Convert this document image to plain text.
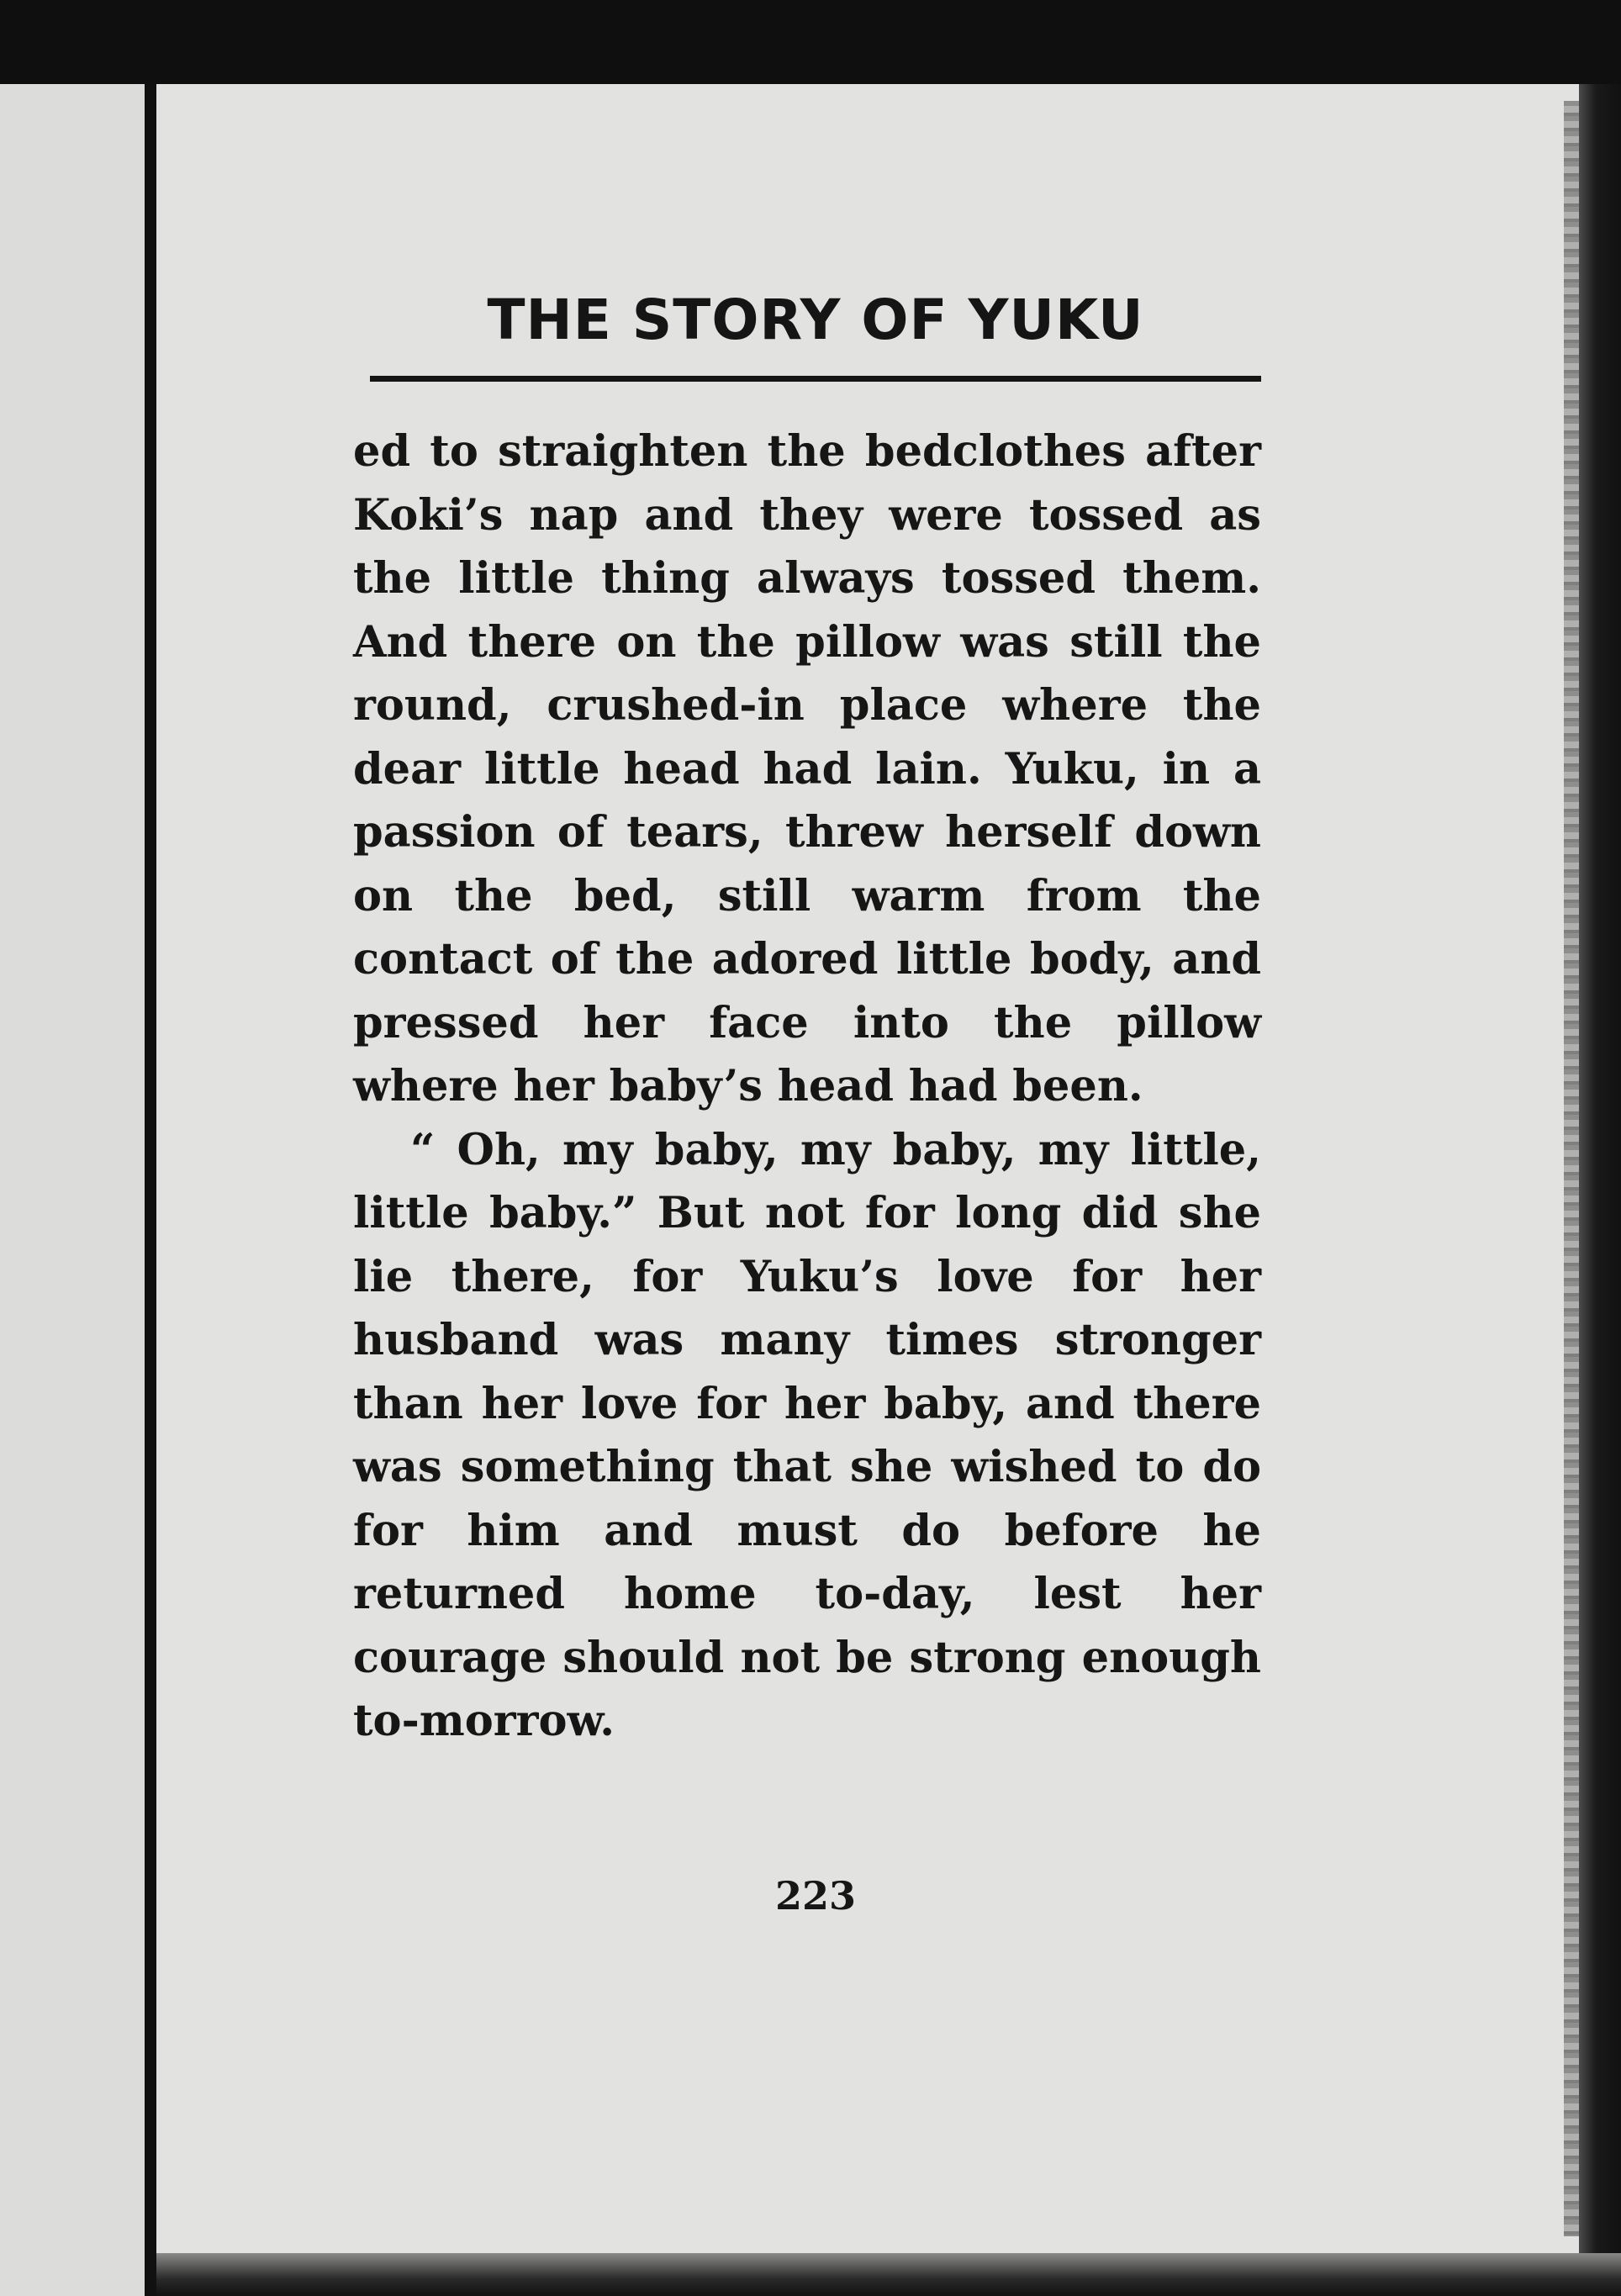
THE STORY OF YUKU

ed to straighten the bedclothes after Koki’s nap and they were tossed as the little thing always tossed them. And there on the pillow was still the round, crushed-in place where the dear little head had lain. Yuku, in a passion of tears, threw herself down on the bed, still warm from the contact of the adored little body, and pressed her face into the pillow where her baby’s head had been.

“ Oh, my baby, my baby, my little, little baby.” But not for long did she lie there, for Yuku’s love for her husband was many times stronger than her love for her baby, and there was something that she wished to do for him and must do before he returned home to-day, lest her courage should not be strong enough to-morrow.

223
